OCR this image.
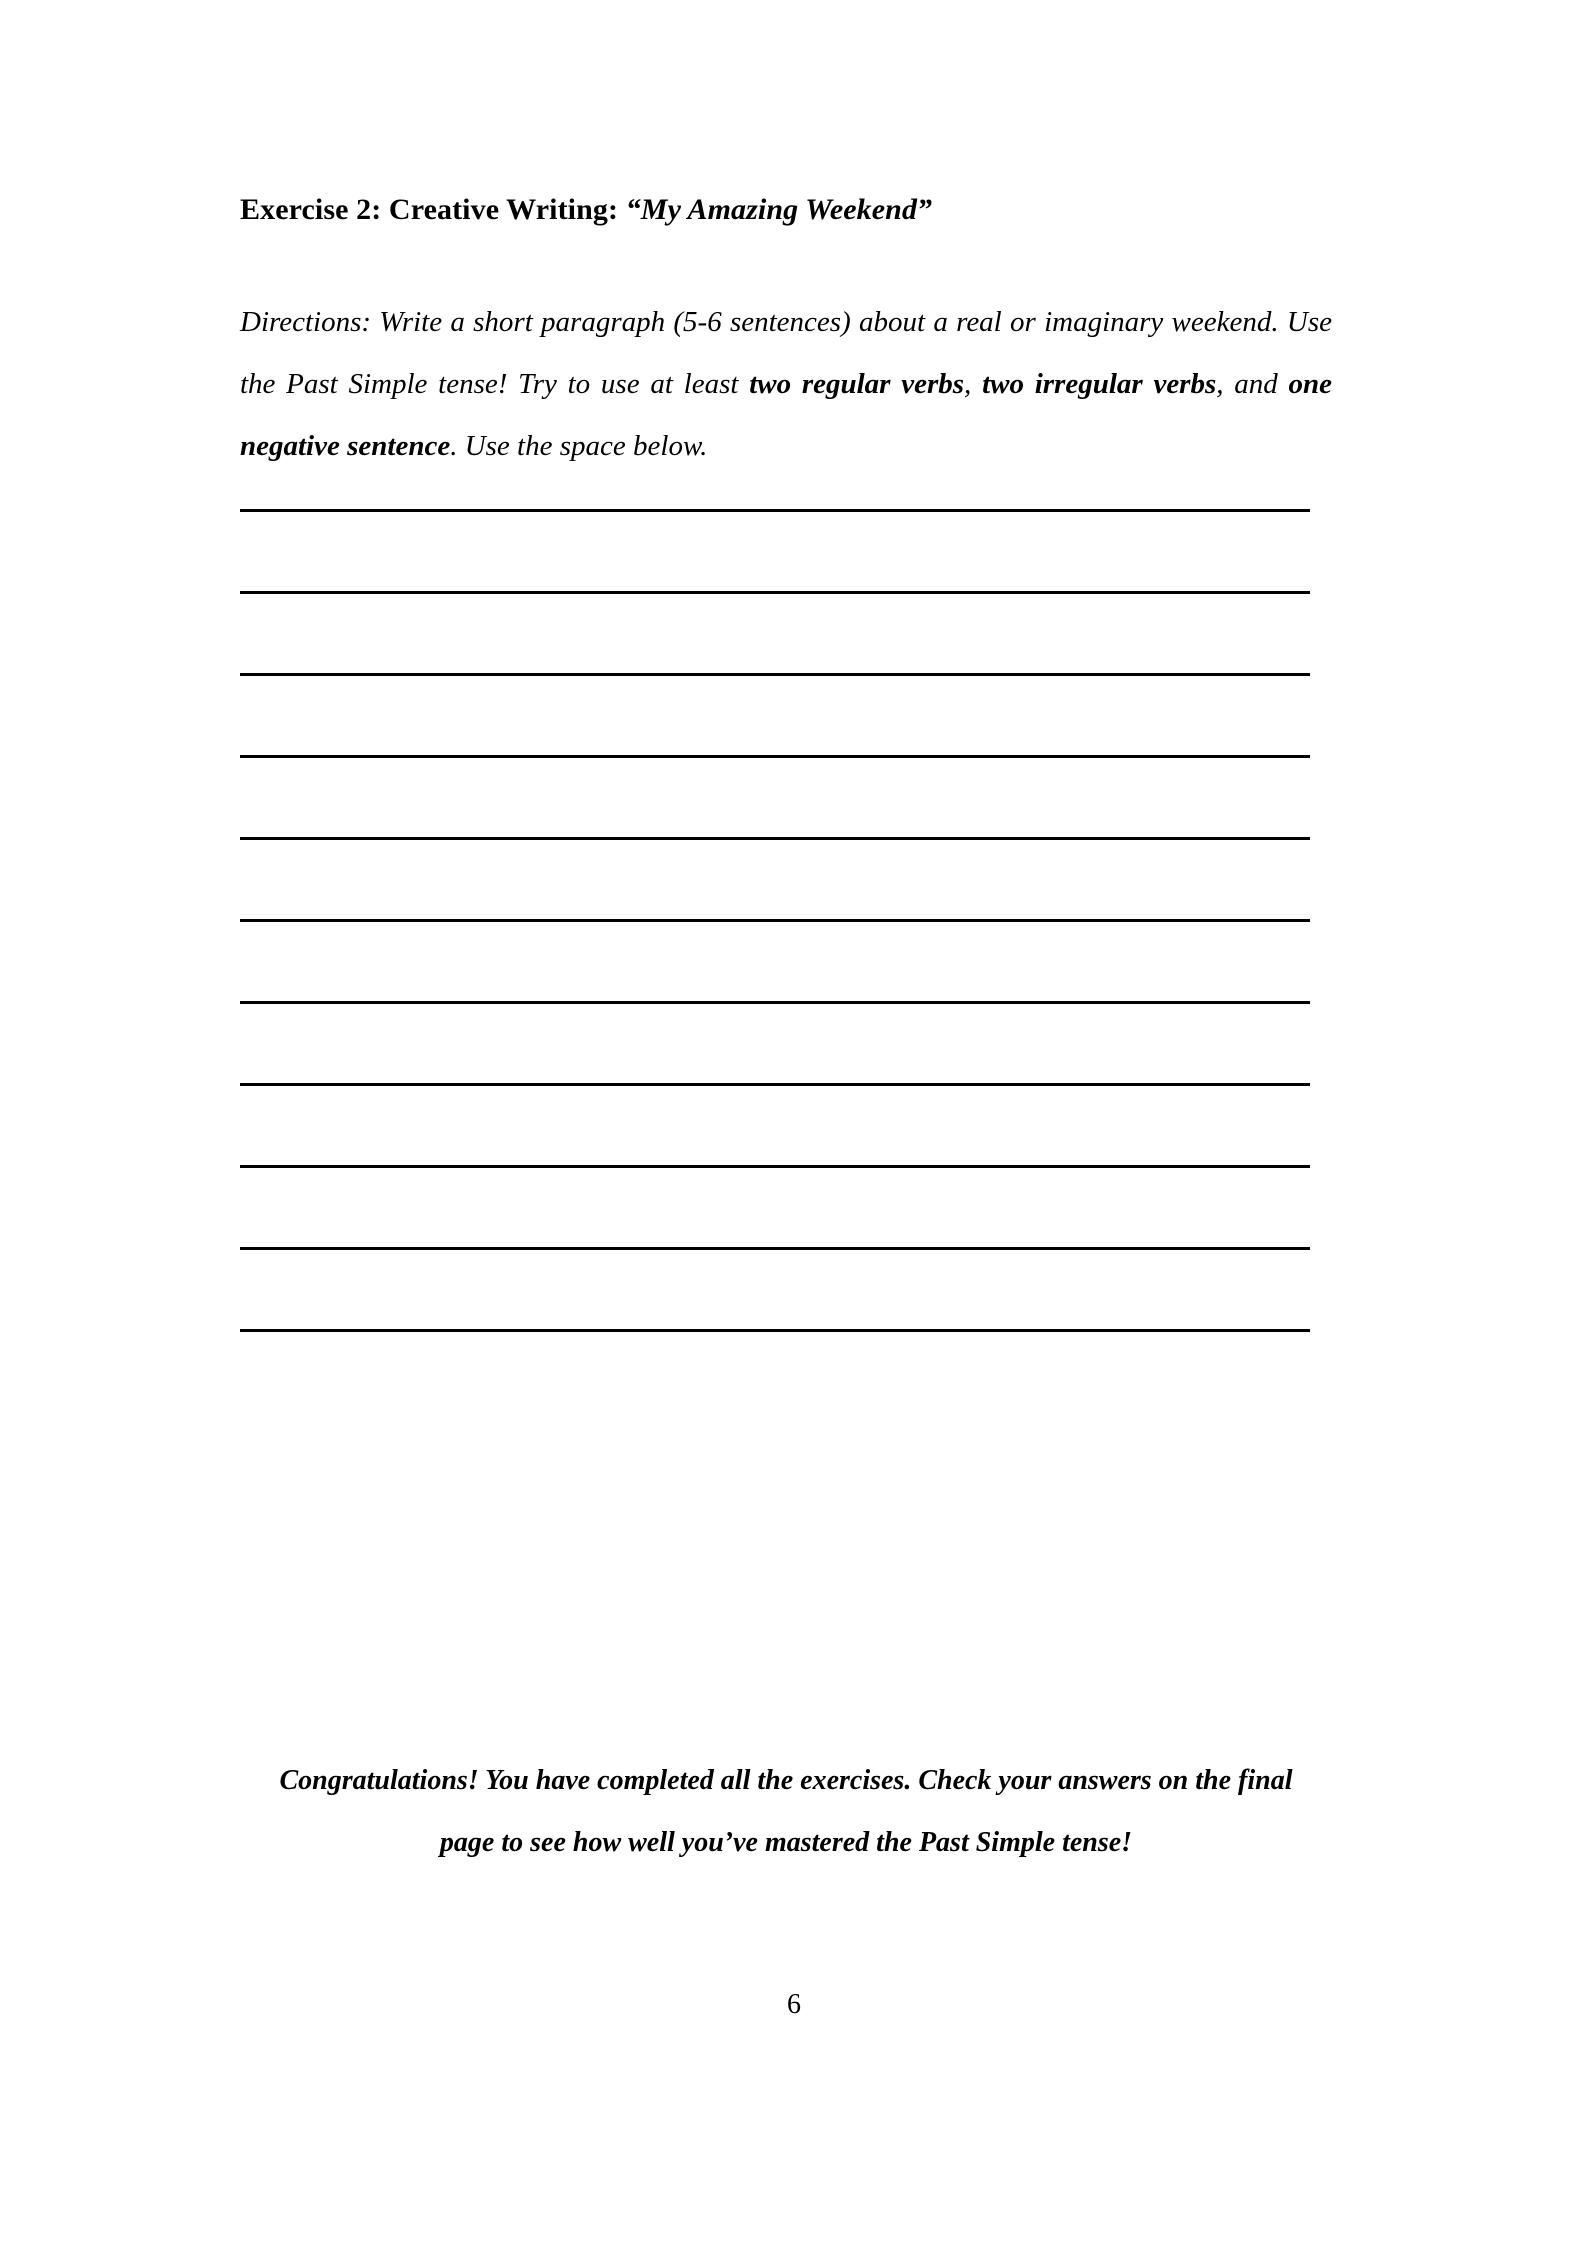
Exercise 2: Creative Writing: “My Amazing Weekend”

Directions: Write a short paragraph (5-6 sentences) about a real or imaginary weekend. Use the Past Simple tense! Try to use at least two regular verbs, two irregular verbs, and one negative sentence. Use the space below.

Congratulations! You have completed all the exercises. Check your answers on the final page to see how well you’ve mastered the Past Simple tense!

6
